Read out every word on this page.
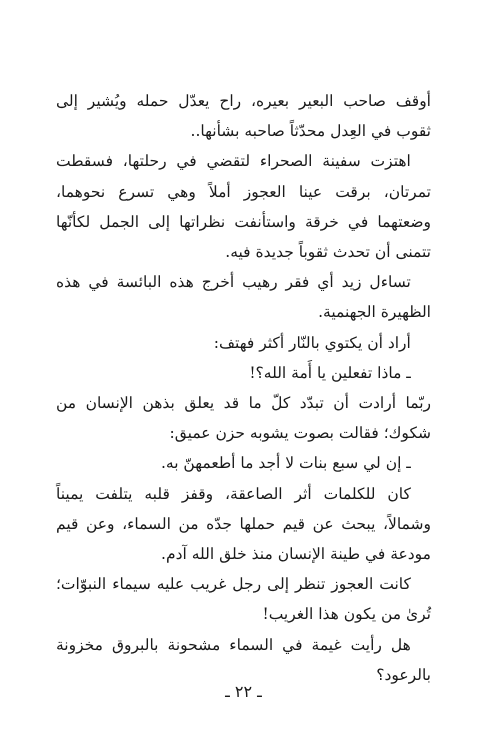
أوقف صاحب البعير بعيره، راح يعدّل حمله ويُشير إلى ثقوب في العِدل محدّثاً صاحبه بشأنها..

اهتزت سفينة الصحراء لتقضي في رحلتها، فسقطت تمرتان، برقت عينا العجوز أملاً وهي تسرع نحوهما، وضعتهما في خرقة واستأنفت نظراتها إلى الجمل لكأنّها تتمنى أن تحدث ثقوباً جديدة فيه.

تساءل زيد أي فقر رهيب أخرج هذه البائسة في هذه الظهيرة الجهنمية.

أراد أن يكتوي بالنّار أكثر فهتف:

ـ ماذا تفعلين يا أَمة الله؟!

ربّما أرادت أن تبدّد كلّ ما قد يعلق بذهن الإنسان من شكوك؛ فقالت بصوت يشوبه حزن عميق:

ـ إن لي سبع بنات لا أجد ما أطعمهنّ به.

كان للكلمات أثر الصاعقة، وقفز قلبه يتلفت يميناً وشمالاً، يبحث عن قيم حملها جدّه من السماء، وعن قيم مودعة في طينة الإنسان منذ خلق الله آدم.

كانت العجوز تنظر إلى رجل غريب عليه سيماء النبوّات؛ تُرىٰ من يكون هذا الغريب!

هل رأيت غيمة في السماء مشحونة بالبروق مخزونة بالرعود؟

ـ ٢٢ ـ
